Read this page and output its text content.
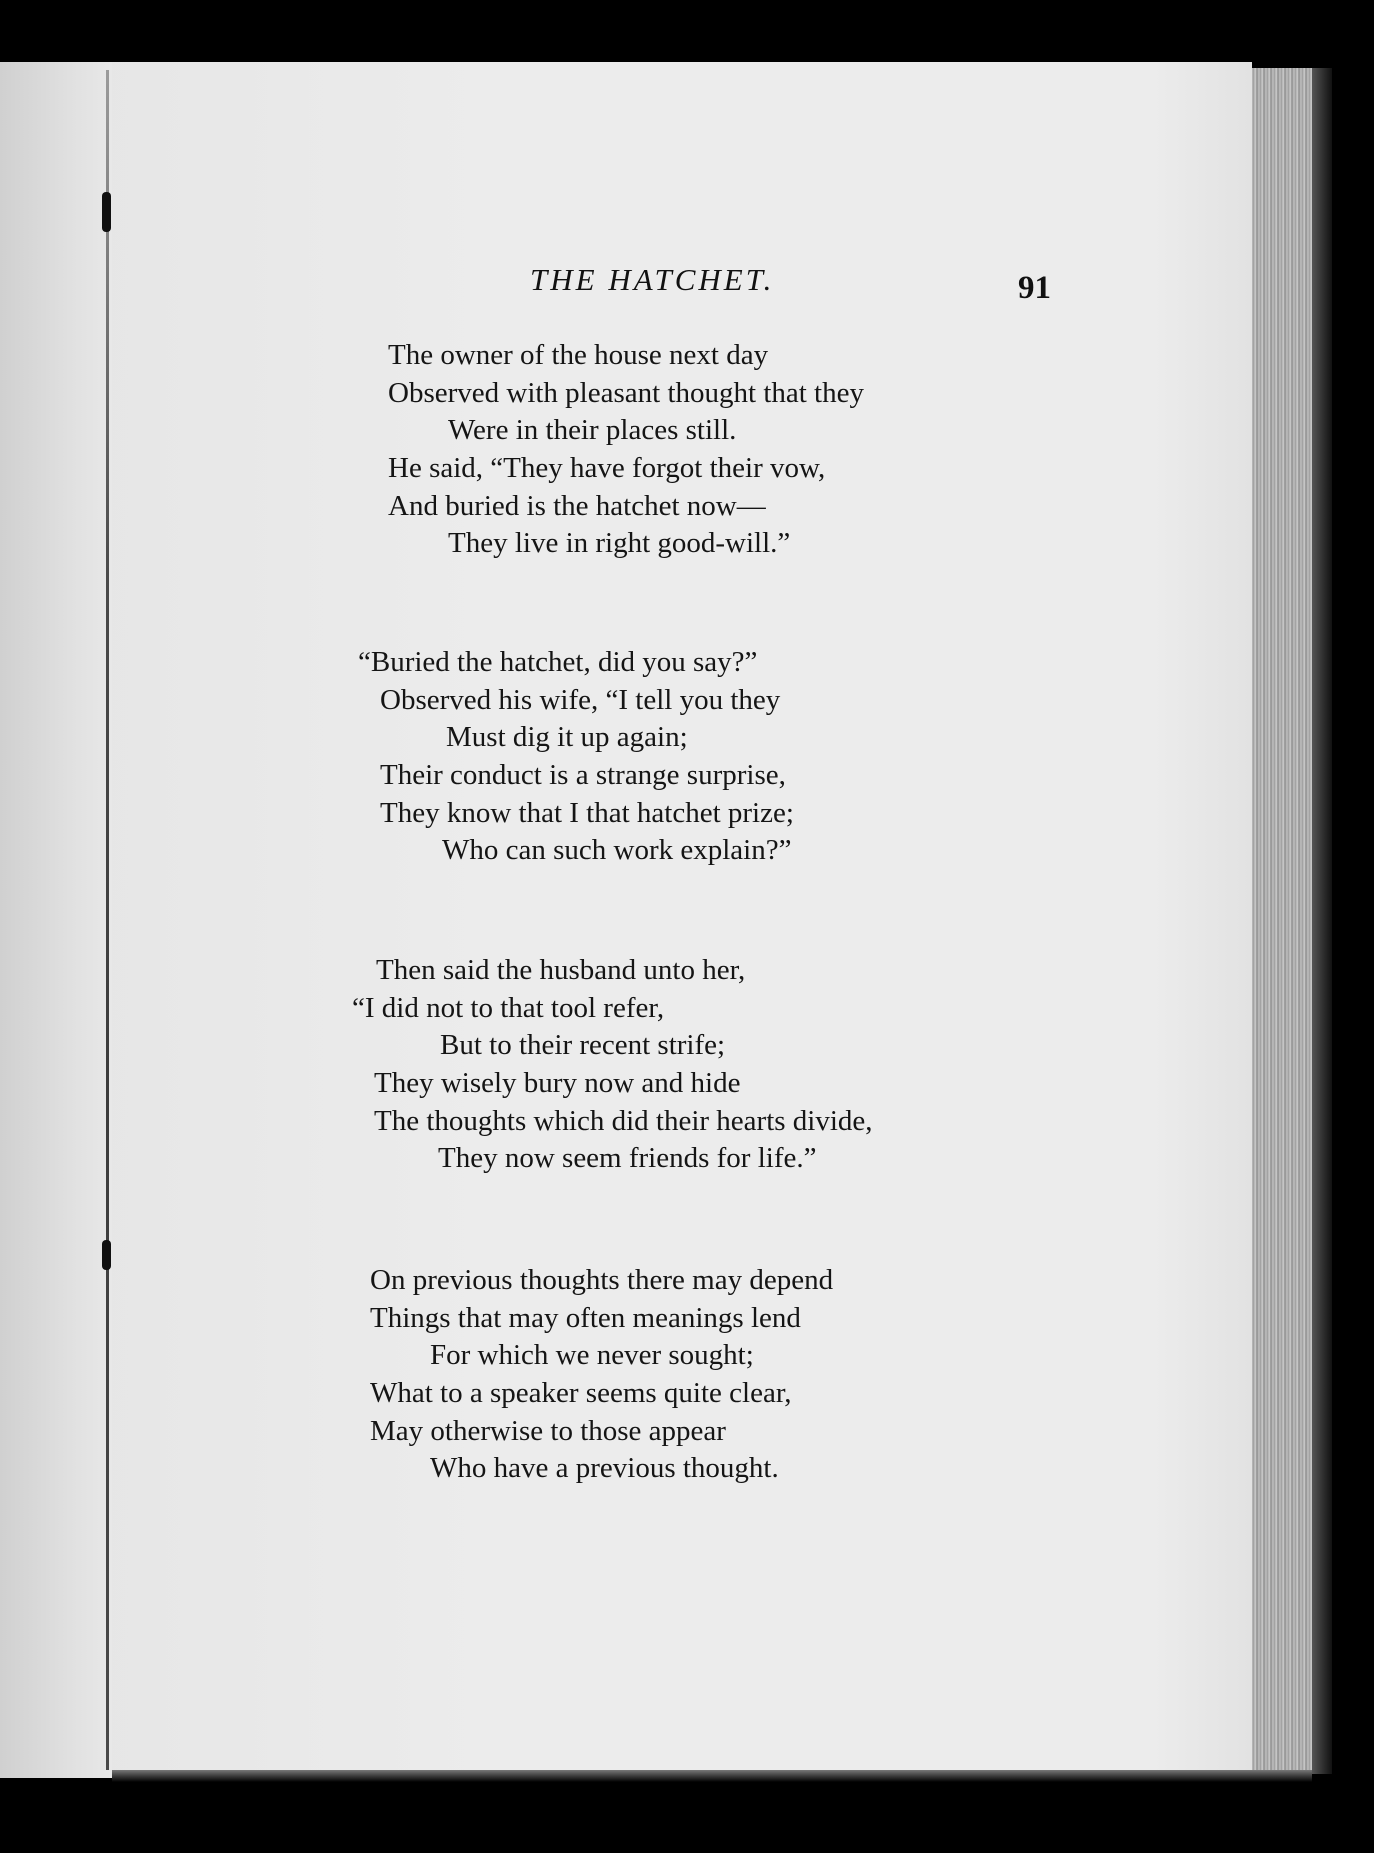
THE HATCHET.	91
The owner of the house next day
Observed with pleasant thought that they
Were in their places still.
He said, “They have forgot their vow,
And buried is the hatchet now—
They live in right good-will.”
“Buried the hatchet, did you say?”
Observed his wife, “I tell you they
Must dig it up again;
Their conduct is a strange surprise,
They know that I that hatchet prize;
Who can such work explain?”
Then said the husband unto her,
“I did not to that tool refer,
But to their recent strife;
They wisely bury now and hide
The thoughts which did their hearts divide,
They now seem friends for life.”
On previous thoughts there may depend
Things that may often meanings lend
For which we never sought;
What to a speaker seems quite clear,
May otherwise to those appear
Who have a previous thought.
